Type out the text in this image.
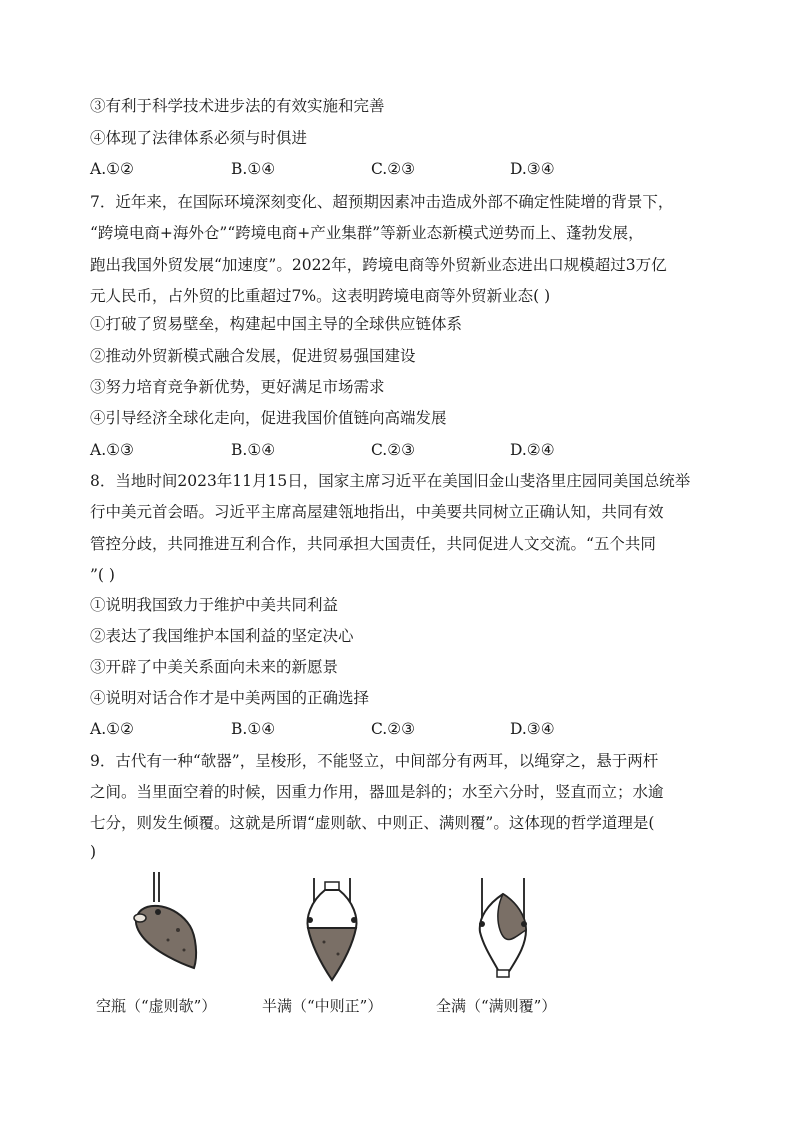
③有利于科学技术进步法的有效实施和完善
④体现了法律体系必须与时俱进
A.①②	B.①④	C.②③	D.③④
7．近年来，在国际环境深刻变化、超预期因素冲击造成外部不确定性陡增的背景下，
“跨境电商+海外仓”“跨境电商+产业集群”等新业态新模式逆势而上、蓬勃发展，
跑出我国外贸发展“加速度”。2022年，跨境电商等外贸新业态进出口规模超过3万亿
元人民币，占外贸的比重超过7%。这表明跨境电商等外贸新业态( )
①打破了贸易壁垒，构建起中国主导的全球供应链体系
②推动外贸新模式融合发展，促进贸易强国建设
③努力培育竞争新优势，更好满足市场需求
④引导经济全球化走向，促进我国价值链向高端发展
A.①③	B.①④	C.②③	D.②④
8．当地时间2023年11月15日，国家主席习近平在美国旧金山斐洛里庄园同美国总统举
行中美元首会晤。习近平主席高屋建瓴地指出，中美要共同树立正确认知，共同有效
管控分歧，共同推进互利合作，共同承担大国责任，共同促进人文交流。“五个共同
”( )
①说明我国致力于维护中美共同利益
②表达了我国维护本国利益的坚定决心
③开辟了中美关系面向未来的新愿景
④说明对话合作才是中美两国的正确选择
A.①②	B.①④	C.②③	D.③④
9．古代有一种“欹器”，呈梭形，不能竖立，中间部分有两耳，以绳穿之，悬于两杆
之间。当里面空着的时候，因重力作用，器皿是斜的；水至六分时，竖直而立；水逾
七分，则发生倾覆。这就是所谓“虚则欹、中则正、满则覆”。这体现的哲学道理是(
)
空瓶（“虚则欹”）	半满（“中则正”）	全满（“满则覆”）
